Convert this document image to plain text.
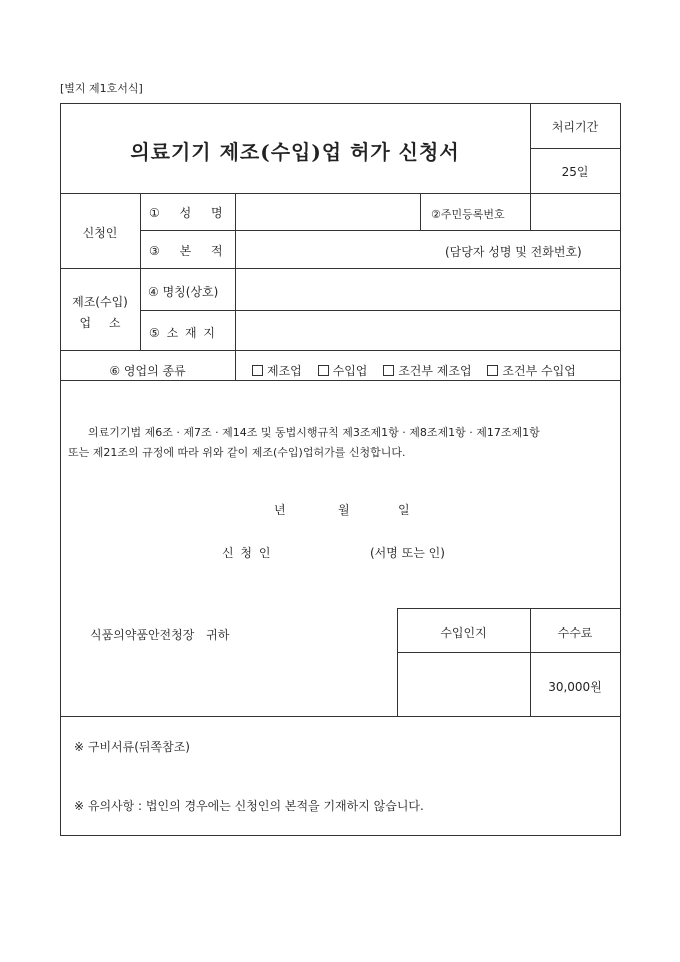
[별지 제1호서식]
의료기기 제조(수입)업 허가 신청서
처리기간
25일
신청인
① 성 명	②주민등록번호
③ 본 적	(담당자 성명 및 전화번호)
제조(수입)
업 소
④ 명칭(상호)
⑤ 소 재 지
⑥ 영업의 종류	제조업	수입업	조건부 제조업	조건부 수입업
의료기기법 제6조 · 제7조 · 제14조 및 동법시행규칙 제3조제1항 · 제8조제1항 · 제17조제1항
또는 제21조의 규정에 따라 위와 같이 제조(수입)업허가를 신청합니다.
년	월	일
신 청 인	(서명 또는 인)
식품의약품안전청장 귀하	수입인지	수수료
30,000원
※ 구비서류(뒤쪽참조)
※ 유의사항 : 법인의 경우에는 신청인의 본적을 기재하지 않습니다.
